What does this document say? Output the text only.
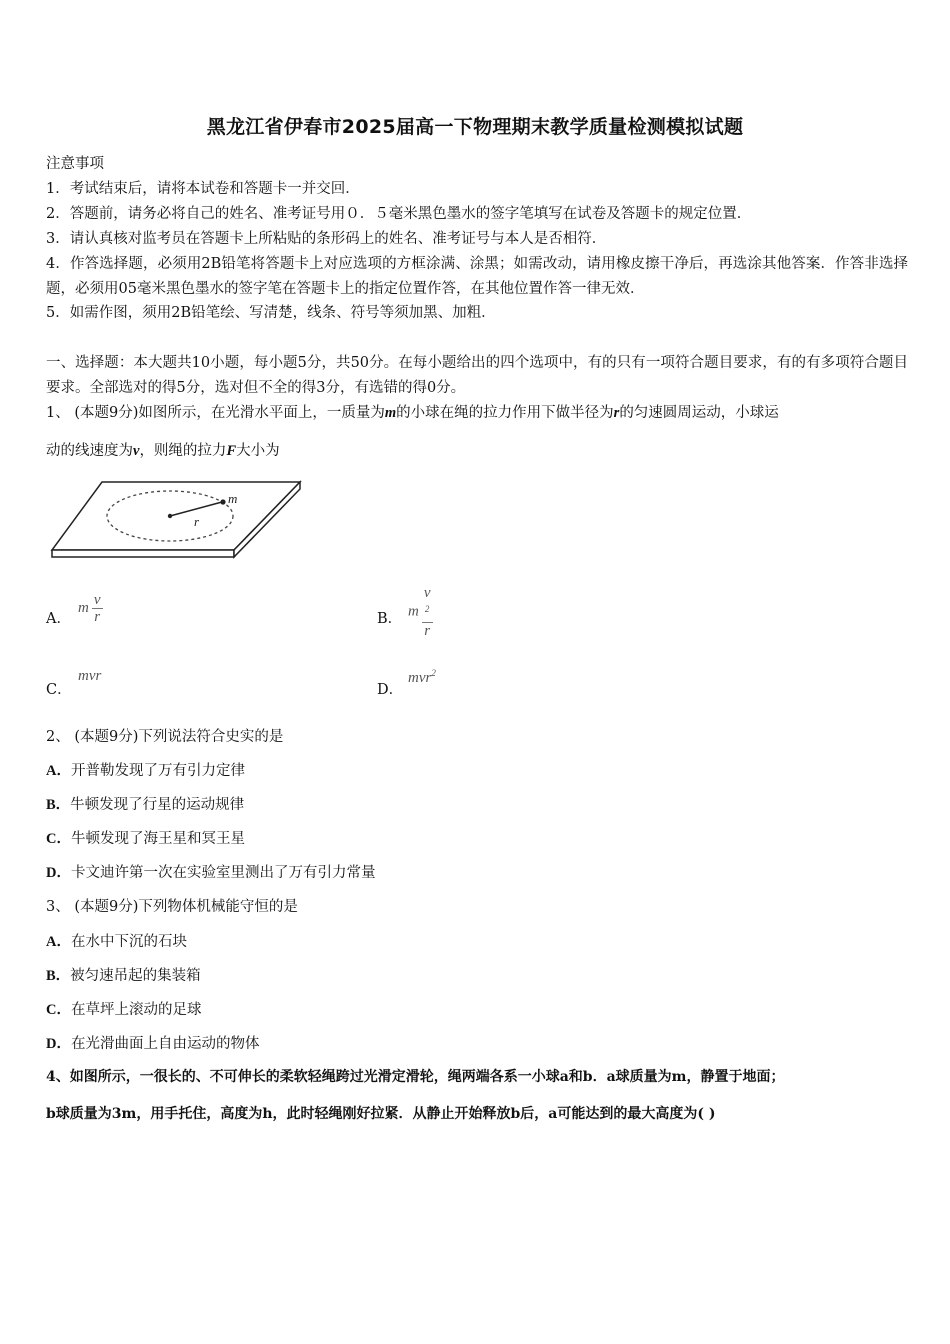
黑龙江省伊春市2025届高一下物理期末教学质量检测模拟试题
注意事项
1．考试结束后，请将本试卷和答题卡一并交回．
2．答题前，请务必将自己的姓名、准考证号用０．５毫米黑色墨水的签字笔填写在试卷及答题卡的规定位置．
3．请认真核对监考员在答题卡上所粘贴的条形码上的姓名、准考证号与本人是否相符．
4．作答选择题，必须用2B铅笔将答题卡上对应选项的方框涂满、涂黑；如需改动，请用橡皮擦干净后，再选涂其他答案．作答非选择题，必须用05毫米黑色墨水的签字笔在答题卡上的指定位置作答，在其他位置作答一律无效．
5．如需作图，须用2B铅笔绘、写清楚，线条、符号等须加黑、加粗．
一、选择题：本大题共10小题，每小题5分，共50分。在每小题给出的四个选项中，有的只有一项符合题目要求，有的有多项符合题目要求。全部选对的得5分，选对但不全的得3分，有选错的得0分。
1、 (本题9分)如图所示，在光滑水平面上，一质量为m的小球在绳的拉力作用下做半径为r的匀速圆周运动，小球运
动的线速度为v，则绳的拉力F大小为
m
r
A．
m $\frac{v}{r}$	B． m v
$^2$
r
C．
mvr
D．
mvr$^2$
2、 (本题9分)下列说法符合史实的是
A．开普勒发现了万有引力定律
B．牛顿发现了行星的运动规律
C．牛顿发现了海王星和冥王星
D．卡文迪许第一次在实验室里测出了万有引力常量
3、 (本题9分)下列物体机械能守恒的是
A．在水中下沉的石块
B．被匀速吊起的集装箱
C．在草坪上滚动的足球
D．在光滑曲面上自由运动的物体
4、如图所示，一很长的、不可伸长的柔软轻绳跨过光滑定滑轮，绳两端各系一小球a和b．a球质量为m，静置于地面；
b球质量为3m，用手托住，高度为h，此时轻绳刚好拉紧．从静止开始释放b后，a可能达到的最大高度为( )
